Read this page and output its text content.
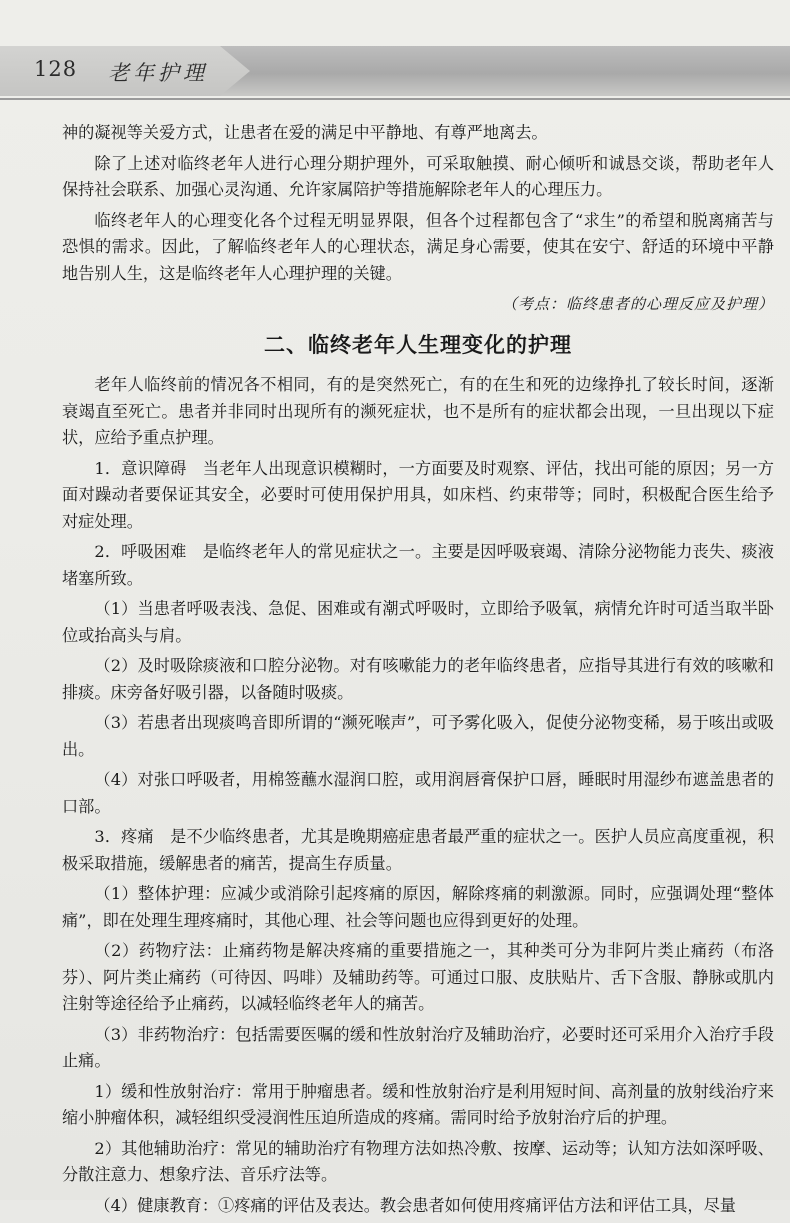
128 老年护理

神的凝视等关爱方式，让患者在爱的满足中平静地、有尊严地离去。

除了上述对临终老年人进行心理分期护理外，可采取触摸、耐心倾听和诚恳交谈，帮助老年人保持社会联系、加强心灵沟通、允许家属陪护等措施解除老年人的心理压力。

临终老年人的心理变化各个过程无明显界限，但各个过程都包含了“求生”的希望和脱离痛苦与恐惧的需求。因此，了解临终老年人的心理状态，满足身心需要，使其在安宁、舒适的环境中平静地告别人生，这是临终老年人心理护理的关键。

（考点：临终患者的心理反应及护理）

二、临终老年人生理变化的护理

老年人临终前的情况各不相同，有的是突然死亡，有的在生和死的边缘挣扎了较长时间，逐渐衰竭直至死亡。患者并非同时出现所有的濒死症状，也不是所有的症状都会出现，一旦出现以下症状，应给予重点护理。

1．意识障碍　当老年人出现意识模糊时，一方面要及时观察、评估，找出可能的原因；另一方面对躁动者要保证其安全，必要时可使用保护用具，如床档、约束带等；同时，积极配合医生给予对症处理。

2．呼吸困难　是临终老年人的常见症状之一。主要是因呼吸衰竭、清除分泌物能力丧失、痰液堵塞所致。

（1）当患者呼吸表浅、急促、困难或有潮式呼吸时，立即给予吸氧，病情允许时可适当取半卧位或抬高头与肩。

（2）及时吸除痰液和口腔分泌物。对有咳嗽能力的老年临终患者，应指导其进行有效的咳嗽和排痰。床旁备好吸引器，以备随时吸痰。

（3）若患者出现痰鸣音即所谓的“濒死喉声”，可予雾化吸入，促使分泌物变稀，易于咳出或吸出。

（4）对张口呼吸者，用棉签蘸水湿润口腔，或用润唇膏保护口唇，睡眠时用湿纱布遮盖患者的口部。

3．疼痛　是不少临终患者，尤其是晚期癌症患者最严重的症状之一。医护人员应高度重视，积极采取措施，缓解患者的痛苦，提高生存质量。

（1）整体护理：应减少或消除引起疼痛的原因，解除疼痛的刺激源。同时，应强调处理“整体痛”，即在处理生理疼痛时，其他心理、社会等问题也应得到更好的处理。

（2）药物疗法：止痛药物是解决疼痛的重要措施之一，其种类可分为非阿片类止痛药（布洛芬）、阿片类止痛药（可待因、吗啡）及辅助药等。可通过口服、皮肤贴片、舌下含服、静脉或肌内注射等途径给予止痛药，以减轻临终老年人的痛苦。

（3）非药物治疗：包括需要医嘱的缓和性放射治疗及辅助治疗，必要时还可采用介入治疗手段止痛。

1）缓和性放射治疗：常用于肿瘤患者。缓和性放射治疗是利用短时间、高剂量的放射线治疗来缩小肿瘤体积，减轻组织受浸润性压迫所造成的疼痛。需同时给予放射治疗后的护理。

2）其他辅助治疗：常见的辅助治疗有物理方法如热冷敷、按摩、运动等；认知方法如深呼吸、分散注意力、想象疗法、音乐疗法等。

（4）健康教育：①疼痛的评估及表达。教会患者如何使用疼痛评估方法和评估工具，尽量
